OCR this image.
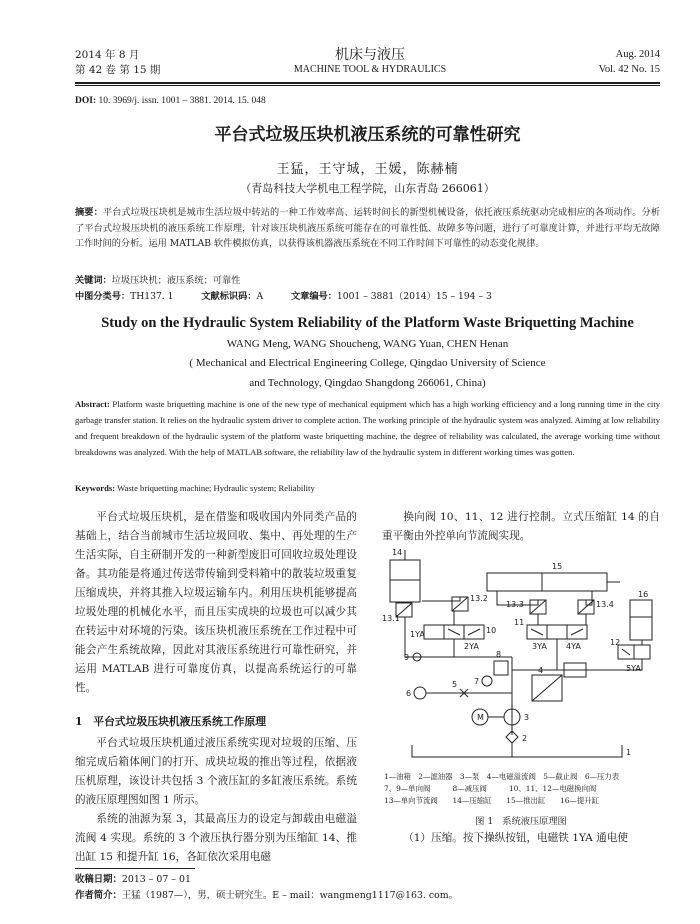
2014 年 8 月
第 42 卷 第 15 期
机床与液压
MACHINE TOOL & HYDRAULICS
Aug. 2014
Vol. 42 No. 15
DOI: 10. 3969/j. issn. 1001 – 3881. 2014. 15. 048
平台式垃圾压块机液压系统的可靠性研究
王猛，王守城，王媛，陈赫楠
（青岛科技大学机电工程学院，山东青岛 266061）
摘要：平台式垃圾压块机是城市生活垃圾中转站的一种工作效率高、运转时间长的新型机械设备，依托液压系统驱动完成相应的各项动作。分析了平台式垃圾压块机的液压系统工作原理，针对该压块机液压系统可能存在的可靠性低、故障多等问题，进行了可靠度计算，并进行平均无故障工作时间的分析。运用 MATLAB 软件模拟仿真，以获得该机器液压系统在不同工作时间下可靠性的动态变化规律。
关键词：垃圾压块机；液压系统；可靠性
中图分类号：TH137. 1	文献标识码：A	文章编号：1001 – 3881（2014）15 – 194 – 3
Study on the Hydraulic System Reliability of the Platform Waste Briquetting Machine
WANG Meng, WANG Shoucheng, WANG Yuan, CHEN Henan
( Mechanical and Electrical Engineering College, Qingdao University of Science
and Technology, Qingdao Shangdong 266061, China)
Abstract: Platform waste briquetting machine is one of the new type of mechanical equipment which has a high working efficiency and a long running time in the city garbage transfer station. It relies on the hydraulic system driver to complete action. The working principle of the hydraulic system was analyzed. Aiming at low reliability and frequent breakdown of the hydraulic system of the platform waste briquetting machine, the degree of reliability was calculated, the average working time without breakdowns was analyzed. With the help of MATLAB software, the reliability law of the hydraulic system in different working times was gotten.
Keywords: Waste briquetting machine; Hydraulic system; Reliability
平台式垃圾压块机，是在借鉴和吸收国内外同类产品的基础上，结合当前城市生活垃圾回收、集中、再处理的生产生活实际，自主研制开发的一种新型废旧可回收垃圾处理设备。其功能是将通过传送带传输到受料箱中的散装垃圾重复压缩成块，并将其推入垃圾运输车内。利用压块机能够提高垃圾处理的机械化水平，而且压实成块的垃圾也可以减少其在转运中对环境的污染。该压块机液压系统在工作过程中可能会产生系统故障，因此对其液压系统进行可靠性研究，并运用 MATLAB 进行可靠度仿真，以提高系统运行的可靠性。
1　平台式垃圾压块机液压系统工作原理
平台式垃圾压块机通过液压系统实现对垃圾的压缩、压缩完成后箱体闸门的打开、成块垃圾的推出等过程，依据液压机原理，该设计共包括 3 个液压缸的多缸液压系统。系统的液压原理图如图 1 所示。
系统的油源为泵 3，其最高压力的设定与卸载由电磁溢流阀 4 实现。系统的 3 个液压执行器分别为压缩缸 14、推出缸 15 和提升缸 16，各缸依次采用电磁
换向阀 10、11、12 进行控制。立式压缩缸 14 的自重平衡由外控单向节流阀实现。
14
15
16
13.1
13.2
13.3	13.4
10
11
12
1YA
2YA	3YA 4YA
5YA
9	8
7
6
5
4
3
2
1
M
1—油箱　2—滤油器　3—泵　4—电磁溢流阀　5—截止阀　6—压力表
7、9—单向阀　　　8—减压阀　　　10、11、12—电磁换向阀
13—单向节流阀　　14—压缩缸　　15—推出缸　　16—提升缸
图 1　系统液压原理图
（1）压缩。按下操纵按钮，电磁铁 1YA 通电使
收稿日期：2013 – 07 – 01
作者简介：王猛（1987—），男，硕士研究生。E – mail：wangmeng1117@163. com。
